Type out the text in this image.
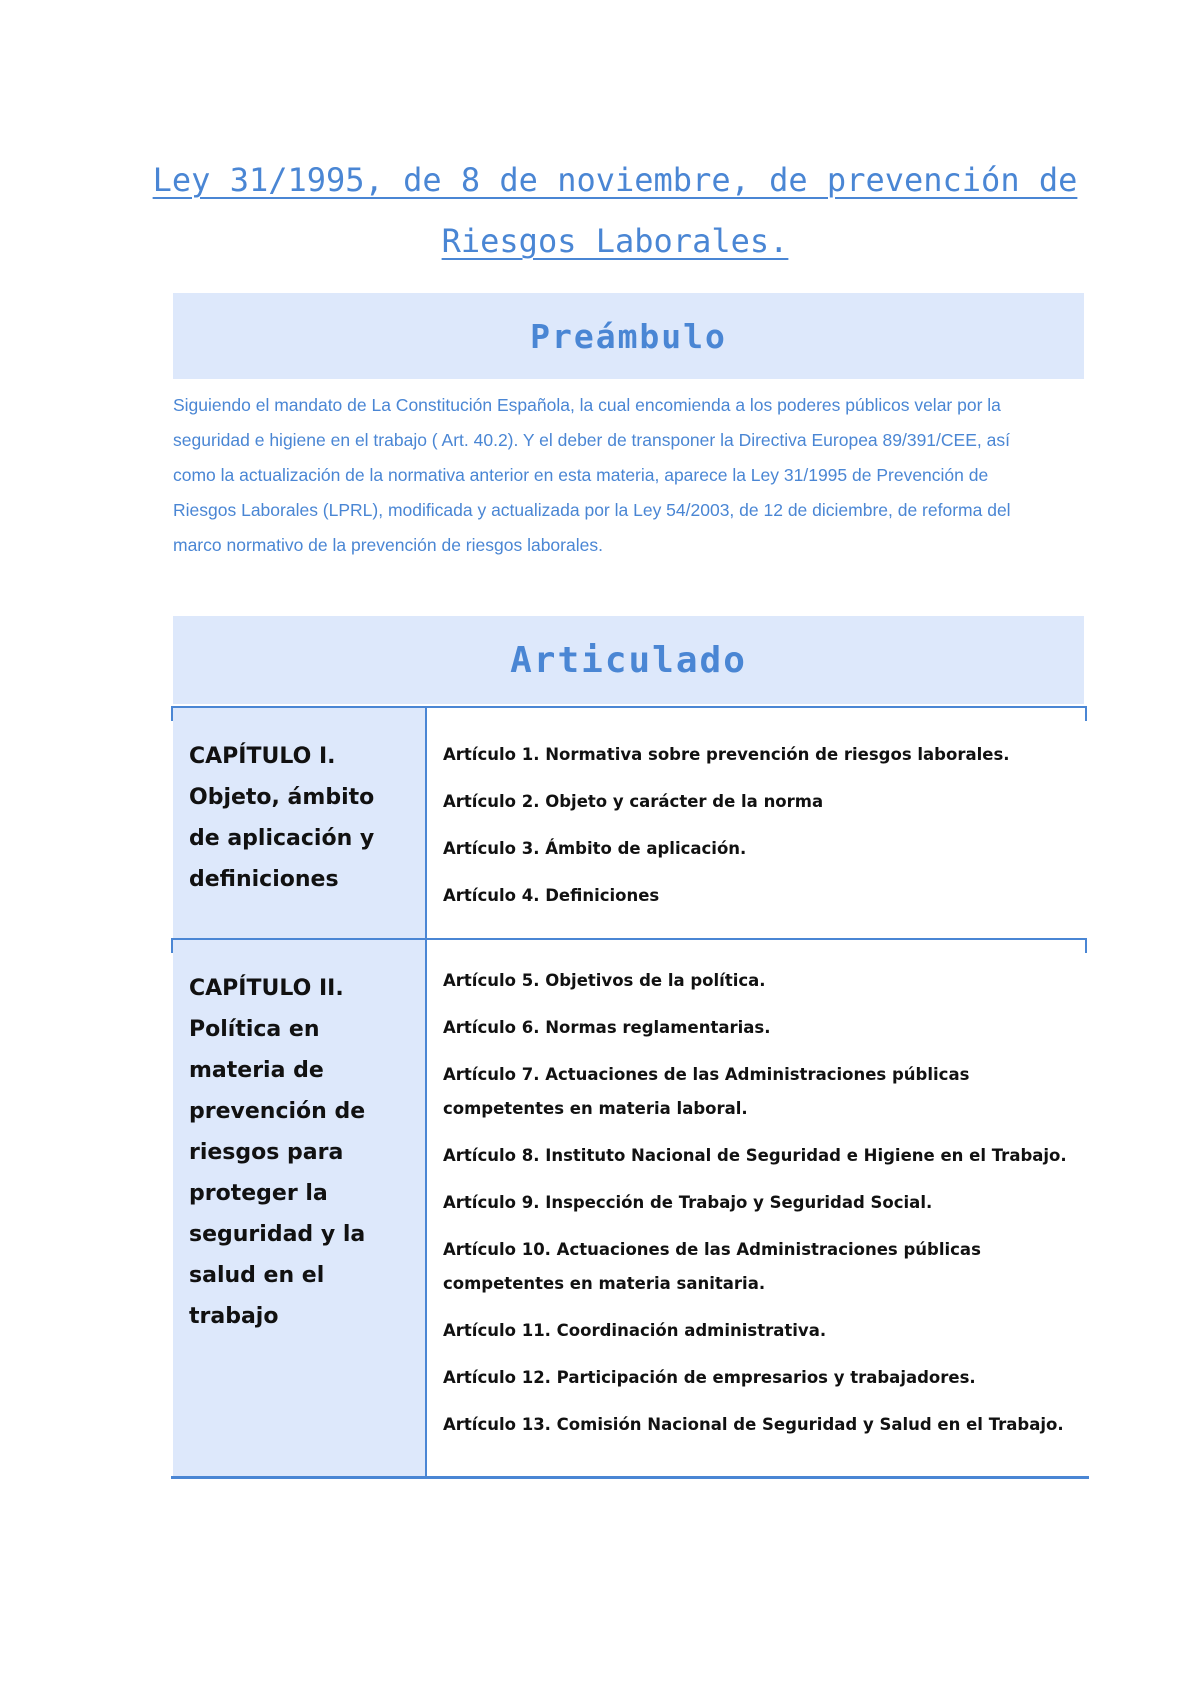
Ley 31/1995, de 8 de noviembre, de prevención de Riesgos Laborales.
Preámbulo

Siguiendo el mandato de La Constitución Española, la cual encomienda a los poderes públicos velar por la seguridad e higiene en el trabajo ( Art. 40.2). Y el deber de transponer la Directiva Europea 89/391/CEE, así como la actualización de la normativa anterior en esta materia, aparece la Ley 31/1995 de Prevención de Riesgos Laborales (LPRL), modificada y actualizada por la Ley 54/2003, de 12 de diciembre, de reforma del marco normativo de la prevención de riesgos laborales.

Articulado

CAPÍTULO I. Objeto, ámbito de aplicación y definiciones

Artículo 1. Normativa sobre prevención de riesgos laborales.
Artículo 2. Objeto y carácter de la norma
Artículo 3. Ámbito de aplicación.
Artículo 4. Definiciones

CAPÍTULO II. Política en materia de prevención de riesgos para proteger la seguridad y la salud en el trabajo

Artículo 5. Objetivos de la política.
Artículo 6. Normas reglamentarias.
Artículo 7. Actuaciones de las Administraciones públicas competentes en materia laboral.
Artículo 8. Instituto Nacional de Seguridad e Higiene en el Trabajo.
Artículo 9. Inspección de Trabajo y Seguridad Social.
Artículo 10. Actuaciones de las Administraciones públicas competentes en materia sanitaria.
Artículo 11. Coordinación administrativa.
Artículo 12. Participación de empresarios y trabajadores.
Artículo 13. Comisión Nacional de Seguridad y Salud en el Trabajo.
